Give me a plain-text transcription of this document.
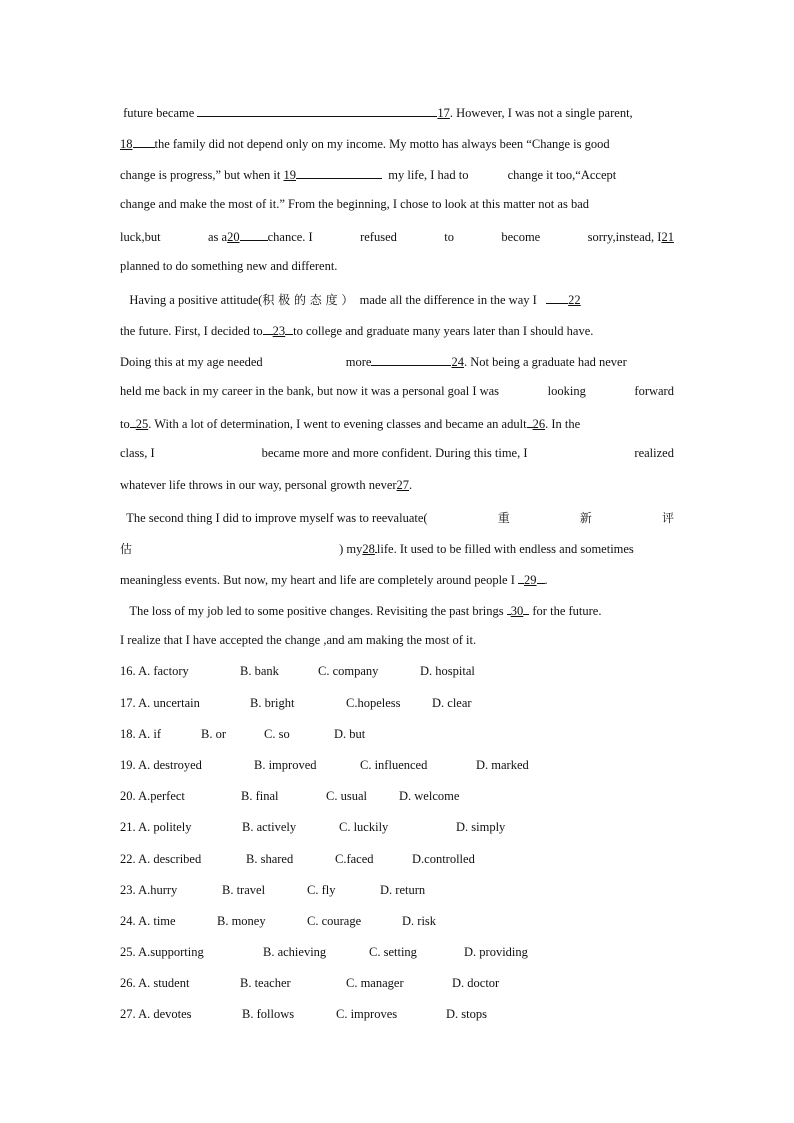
future became	17. However, I was not a single parent,
18 the family did not depend only on my income. My motto has always been “Change is good
change is progress,” but when it 19	my life, I had to	change it too,“Accept
change and make the most of it.” From the beginning, I chose to look at this matter not as bad
luck,but	as a20 chance. I	refused	to	become	sorry,instead, I21
planned to do something new and different.
Having a positive attitude(积 极 的 态 度 ） made all the difference in the way I	22
the future. First, I decided to 23 to college and graduate many years later than I should have.
Doing this at my age needed	more	24. Not being a graduate had never
held me back in my career in the bank, but now it was a personal goal I was	looking	forward
to 25. With a lot of determination, I went to evening classes and became an adult 26. In the
class, I	became more and more confident. During this time, I	realized
whatever life throws in our way, personal growth never27.
The second thing I did to improve myself was to reevaluate(	重	新	评
估	) my28 life. It used to be filled with endless and sometimes
meaningless events. But now, my heart and life are completely around people I 29 .
The loss of my job led to some positive changes. Revisiting the past brings 30 for the future.
I realize that I have accepted the change ,and am making the most of it.
16. A. factory	B. bank	C. company	D. hospital
17. A. uncertain	B. bright	C.hopeless	D. clear
18. A. if	B. or	C. so	D. but
19. A. destroyed	B. improved	C. influenced	D. marked
20. A.perfect	B. final	C. usual	D. welcome
21. A. politely	B. actively	C. luckily	D. simply
22. A. described	B. shared	C.faced	D.controlled
23. A.hurry	B. travel	C. fly	D. return
24. A. time	B. money	C. courage	D. risk
25. A.supporting	B. achieving	C. setting	D. providing
26. A. student	B. teacher	C. manager	D. doctor
27. A. devotes	B. follows	C. improves	D. stops
